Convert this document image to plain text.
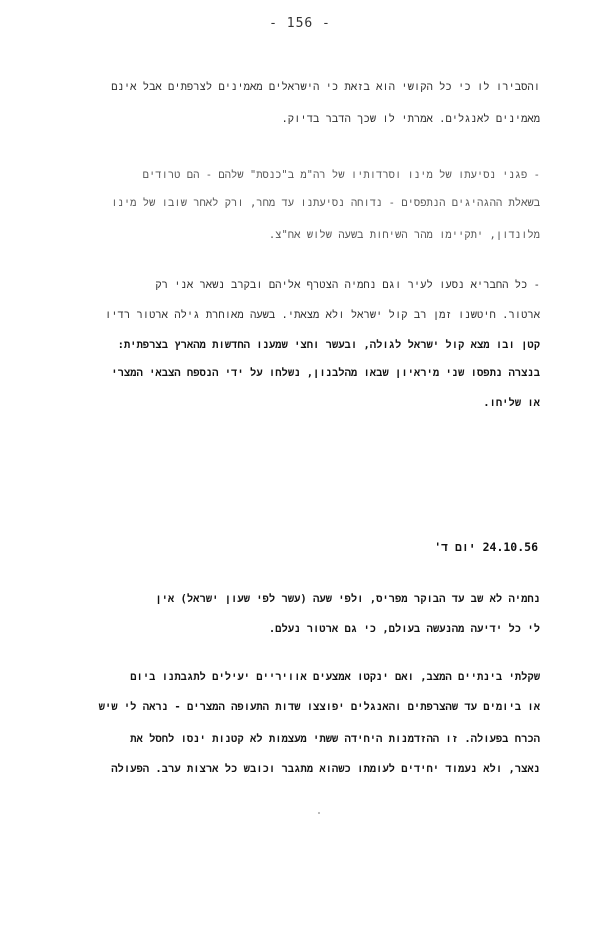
- 156 -
והסבירו לו כי כל הקושי הוא בזאת כי הישראלים מאמינים לצרפתים אבל אינם
מאמינים לאנגלים. אמרתי לו שכך הדבר בדיוק.
- פגני נסיעתו של מינו וסרדותיו של רה"מ ב"כנסת" שלהם - הם טרודים
בשאלת ההגהיגים הנתפסים - נדוחה נסיעתנו עד מחר, ורק לאחר שובו של מינו
מלונדון, יתקיימו מהר השיחות בשעה שלוש אח"צ.
- כל החבריא נסעו לעיר וגם נחמיה הצטרף אליהם ובקרב נשאר אני רק
ארטור. חיטשנו זמן רב קול ישראל ולא מצאתי. בשעה מאוחרת גילה ארטור רדיו
קטן ובו מצא קול ישראל לגולה, ובעשר וחצי שמענו החדשות מהארץ בצרפתית:
בנצרה נתפסו שני מיראיון שבאו מהלבנון, נשלחו על ידי הנספח הצבאי המצרי
או שליחו.
24.10.56 יום ד'
נחמיה לא שב עד הבוקר מפריס, ולפי שעה (עשר לפי שעון ישראל) אין
לי כל ידיעה מהנעשה בעולם, כי גם ארטור נעלם.
שקלתי בינתיים המצב, ואם ינקטו אמצעים אוויריים יעילים לתגבתנו ביום
או ביומים עד שהצרפתים והאנגלים יפוצצו שדות התעופה המצרים - נראה לי שיש
הכרח בפעולה. זו ההזדמנות היחידה ששתי מעצמות לא קטנות ינסו לחסל את
נאצר, ולא נעמוד יחידים לעומתו כשהוא מתגבר וכובש כל ארצות ערב. הפעולה
